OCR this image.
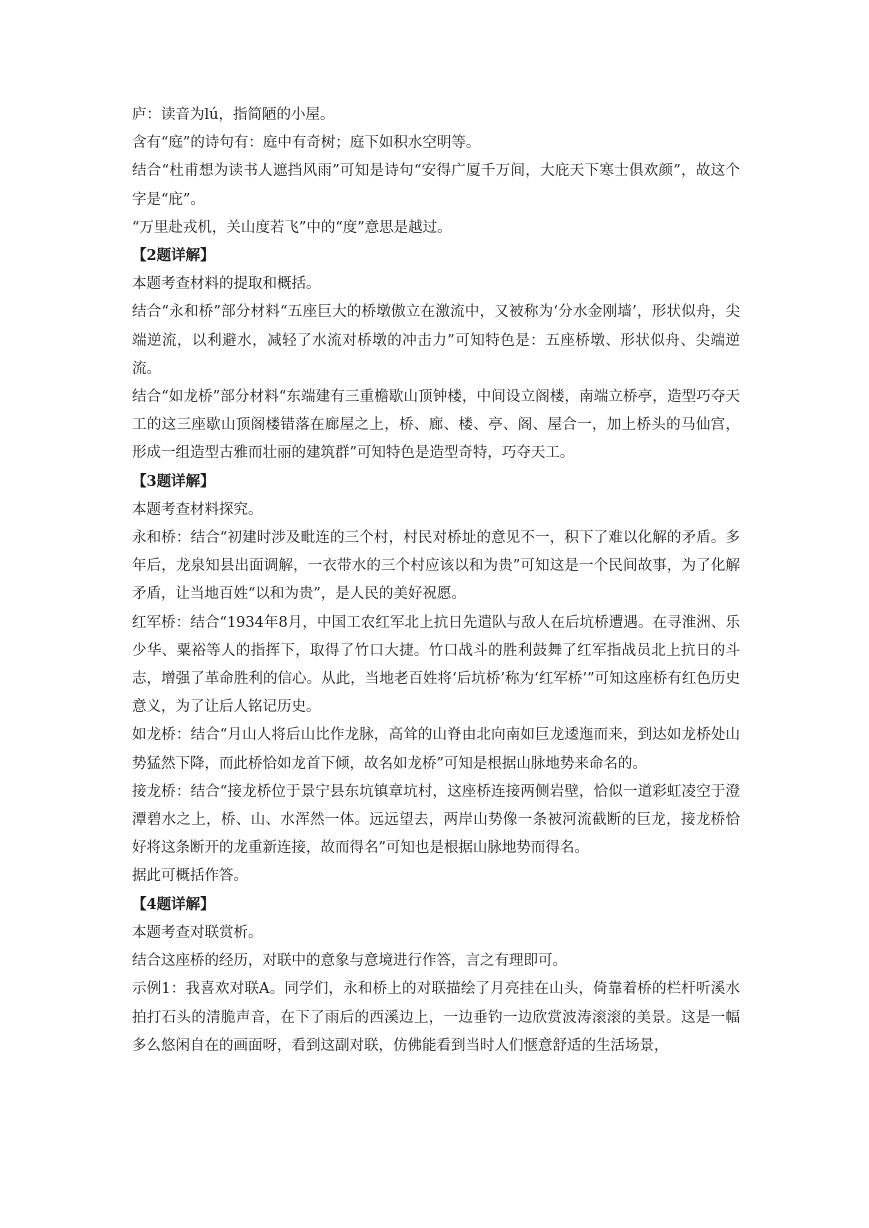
庐：读音为lú，指简陋的小屋。

含有“庭”的诗句有：庭中有奇树；庭下如积水空明等。

结合“杜甫想为读书人遮挡风雨”可知是诗句“安得广厦千万间，大庇天下寒士俱欢颜”，故这个字是“庇”。

“万里赴戎机，关山度若飞”中的“度”意思是越过。

【2题详解】

本题考查材料的提取和概括。

结合“永和桥”部分材料“五座巨大的桥墩傲立在激流中，又被称为‘分水金刚墙’，形状似舟，尖端逆流，以利避水，减轻了水流对桥墩的冲击力”可知特色是：五座桥墩、形状似舟、尖端逆流。

结合“如龙桥”部分材料“东端建有三重檐歇山顶钟楼，中间设立阁楼，南端立桥亭，造型巧夺天工的这三座歇山顶阁楼错落在廊屋之上，桥、廊、楼、亭、阁、屋合一，加上桥头的马仙宫，形成一组造型古雅而壮丽的建筑群”可知特色是造型奇特，巧夺天工。

【3题详解】

本题考查材料探究。

永和桥：结合“初建时涉及毗连的三个村，村民对桥址的意见不一，积下了难以化解的矛盾。多年后，龙泉知县出面调解，一衣带水的三个村应该以和为贵”可知这是一个民间故事，为了化解矛盾，让当地百姓“以和为贵”，是人民的美好祝愿。

红军桥：结合“1934年8月，中国工农红军北上抗日先遣队与敌人在后坑桥遭遇。在寻淮洲、乐少华、粟裕等人的指挥下，取得了竹口大捷。竹口战斗的胜利鼓舞了红军指战员北上抗日的斗志，增强了革命胜利的信心。从此，当地老百姓将‘后坑桥’称为‘红军桥’”可知这座桥有红色历史意义，为了让后人铭记历史。

如龙桥：结合“月山人将后山比作龙脉，高耸的山脊由北向南如巨龙逶迤而来，到达如龙桥处山势猛然下降，而此桥恰如龙首下倾，故名如龙桥”可知是根据山脉地势来命名的。

接龙桥：结合“接龙桥位于景宁县东坑镇章坑村，这座桥连接两侧岩壁，恰似一道彩虹凌空于澄潭碧水之上，桥、山、水浑然一体。远远望去，两岸山势像一条被河流截断的巨龙，接龙桥恰好将这条断开的龙重新连接，故而得名”可知也是根据山脉地势而得名。

据此可概括作答。

【4题详解】

本题考查对联赏析。

结合这座桥的经历，对联中的意象与意境进行作答，言之有理即可。

示例1：我喜欢对联A。同学们，永和桥上的对联描绘了月亮挂在山头，倚靠着桥的栏杆听溪水拍打石头的清脆声音，在下了雨后的西溪边上，一边垂钓一边欣赏波涛滚滚的美景。这是一幅多么悠闲自在的画面呀，看到这副对联，仿佛能看到当时人们惬意舒适的生活场景，
